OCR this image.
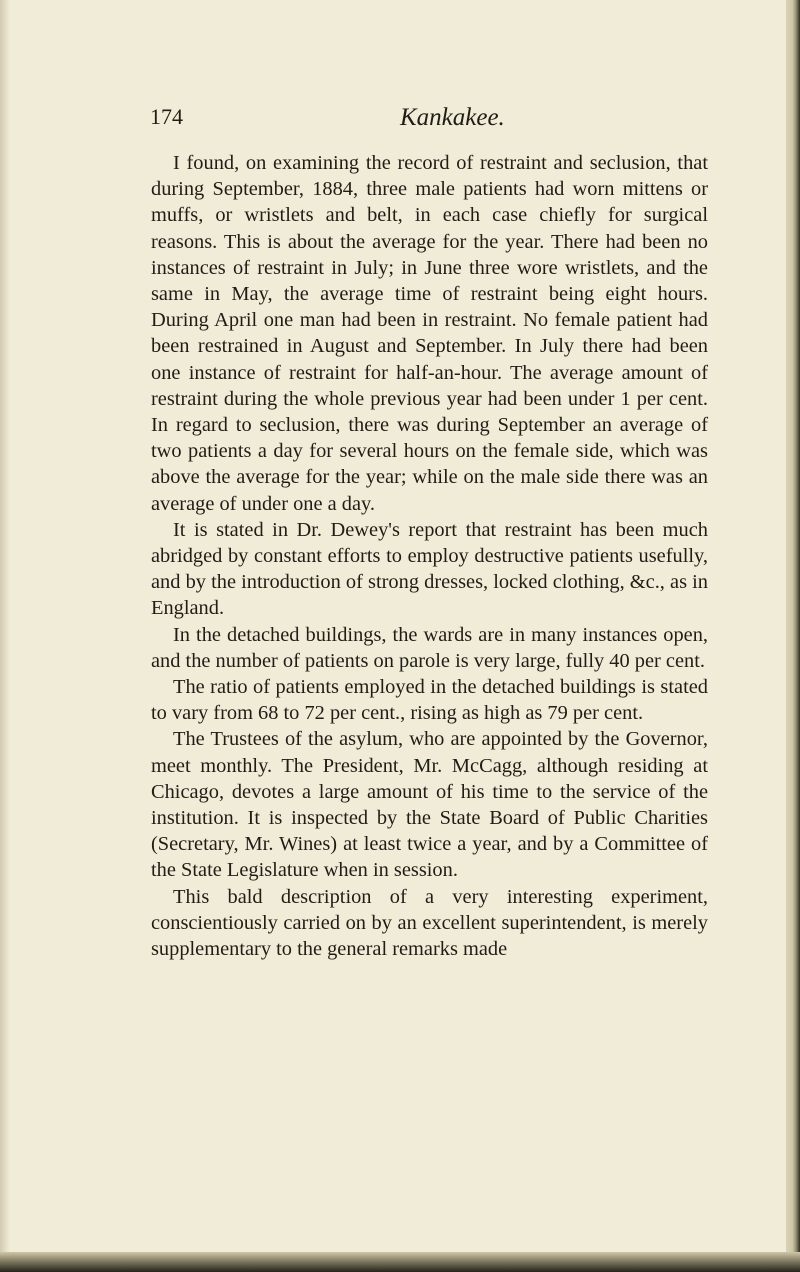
174	Kankakee.

I found, on examining the record of restraint and seclusion, that during September, 1884, three male patients had worn mittens or muffs, or wristlets and belt, in each case chiefly for surgical reasons. This is about the average for the year. There had been no instances of restraint in July; in June three wore wristlets, and the same in May, the average time of restraint being eight hours. During April one man had been in restraint. No female patient had been restrained in August and September. In July there had been one instance of restraint for half-an-hour. The average amount of restraint during the whole previous year had been under 1 per cent. In regard to seclusion, there was during September an average of two patients a day for several hours on the female side, which was above the average for the year; while on the male side there was an average of under one a day.

It is stated in Dr. Dewey's report that restraint has been much abridged by constant efforts to employ destructive patients usefully, and by the introduction of strong dresses, locked clothing, &c., as in England.

In the detached buildings, the wards are in many instances open, and the number of patients on parole is very large, fully 40 per cent.

The ratio of patients employed in the detached buildings is stated to vary from 68 to 72 per cent., rising as high as 79 per cent.

The Trustees of the asylum, who are appointed by the Governor, meet monthly. The President, Mr. McCagg, although residing at Chicago, devotes a large amount of his time to the service of the institution. It is inspected by the State Board of Public Charities (Secretary, Mr. Wines) at least twice a year, and by a Committee of the State Legislature when in session.

This bald description of a very interesting experiment, conscientiously carried on by an excellent superintendent, is merely supplementary to the general remarks made
